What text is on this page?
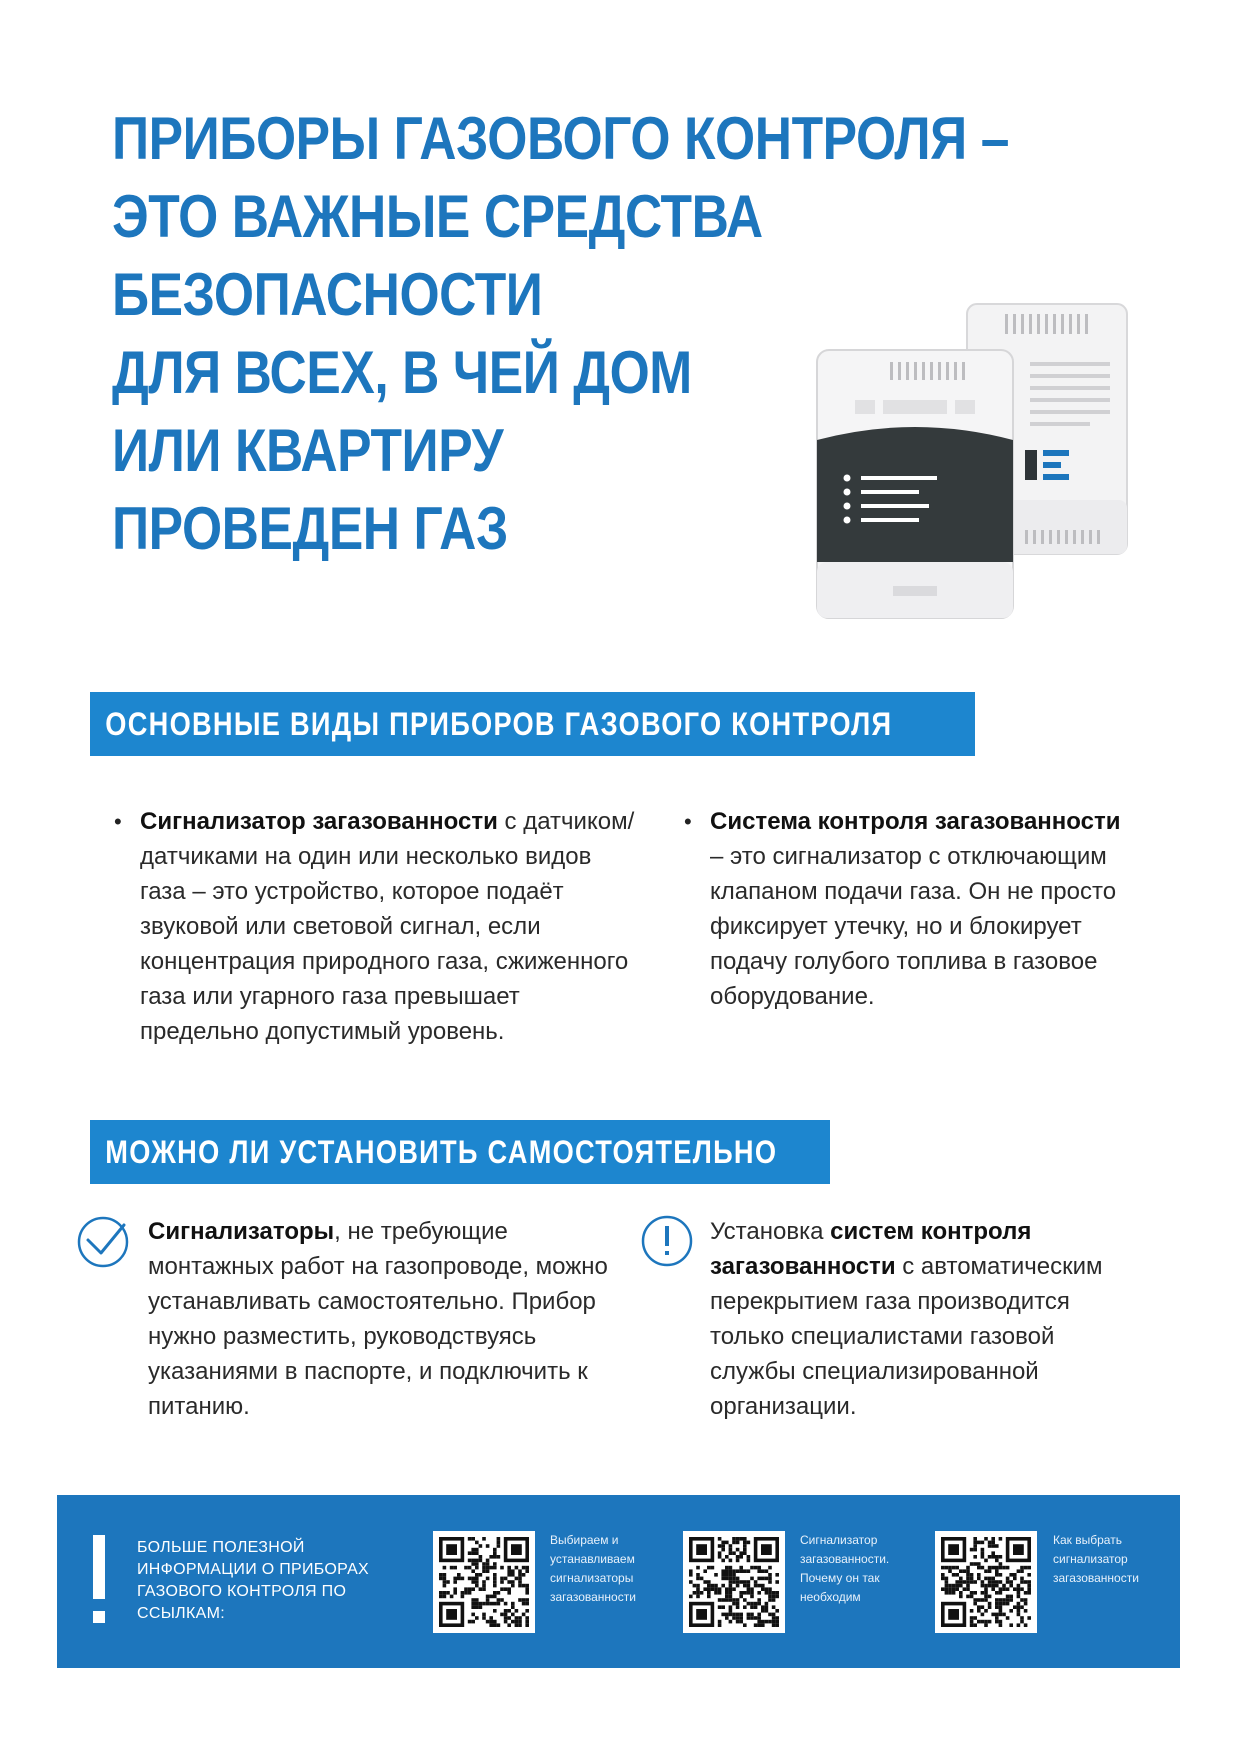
ПРИБОРЫ ГАЗОВОГО КОНТРОЛЯ –
ЭТО ВАЖНЫЕ СРЕДСТВА
БЕЗОПАСНОСТИ
ДЛЯ ВСЕХ, В ЧЕЙ ДОМ
ИЛИ КВАРТИРУ
ПРОВЕДЕН ГАЗ
ОСНОВНЫЕ ВИДЫ ПРИБОРОВ ГАЗОВОГО КОНТРОЛЯ
• Сигнализатор загазованности с датчиком/ датчиками на один или несколько видов газа – это устройство, которое подаёт звуковой или световой сигнал, если концентрация природного газа, сжиженного газа или угарного газа превышает предельно допустимый уровень.
• Система контроля загазованности – это сигнализатор с отключающим клапаном подачи газа. Он не просто фиксирует утечку, но и блокирует подачу голубого топлива в газовое оборудование.
МОЖНО ЛИ УСТАНОВИТЬ САМОСТОЯТЕЛЬНО
Сигнализаторы, не требующие монтажных работ на газопроводе, можно устанавливать самостоятельно. Прибор нужно разместить, руководствуясь указаниями в паспорте, и подключить к питанию.
Установка систем контроля загазованности с автоматическим перекрытием газа производится только специалистами газовой службы специализированной организации.
БОЛЬШЕ ПОЛЕЗНОЙ ИНФОРМАЦИИ О ПРИБОРАХ ГАЗОВОГО КОНТРОЛЯ ПО ССЫЛКАМ:
Выбираем и устанавливаем сигнализаторы загазованности
Сигнализатор загазованности. Почему он так необходим
Как выбрать сигнализатор загазованности
